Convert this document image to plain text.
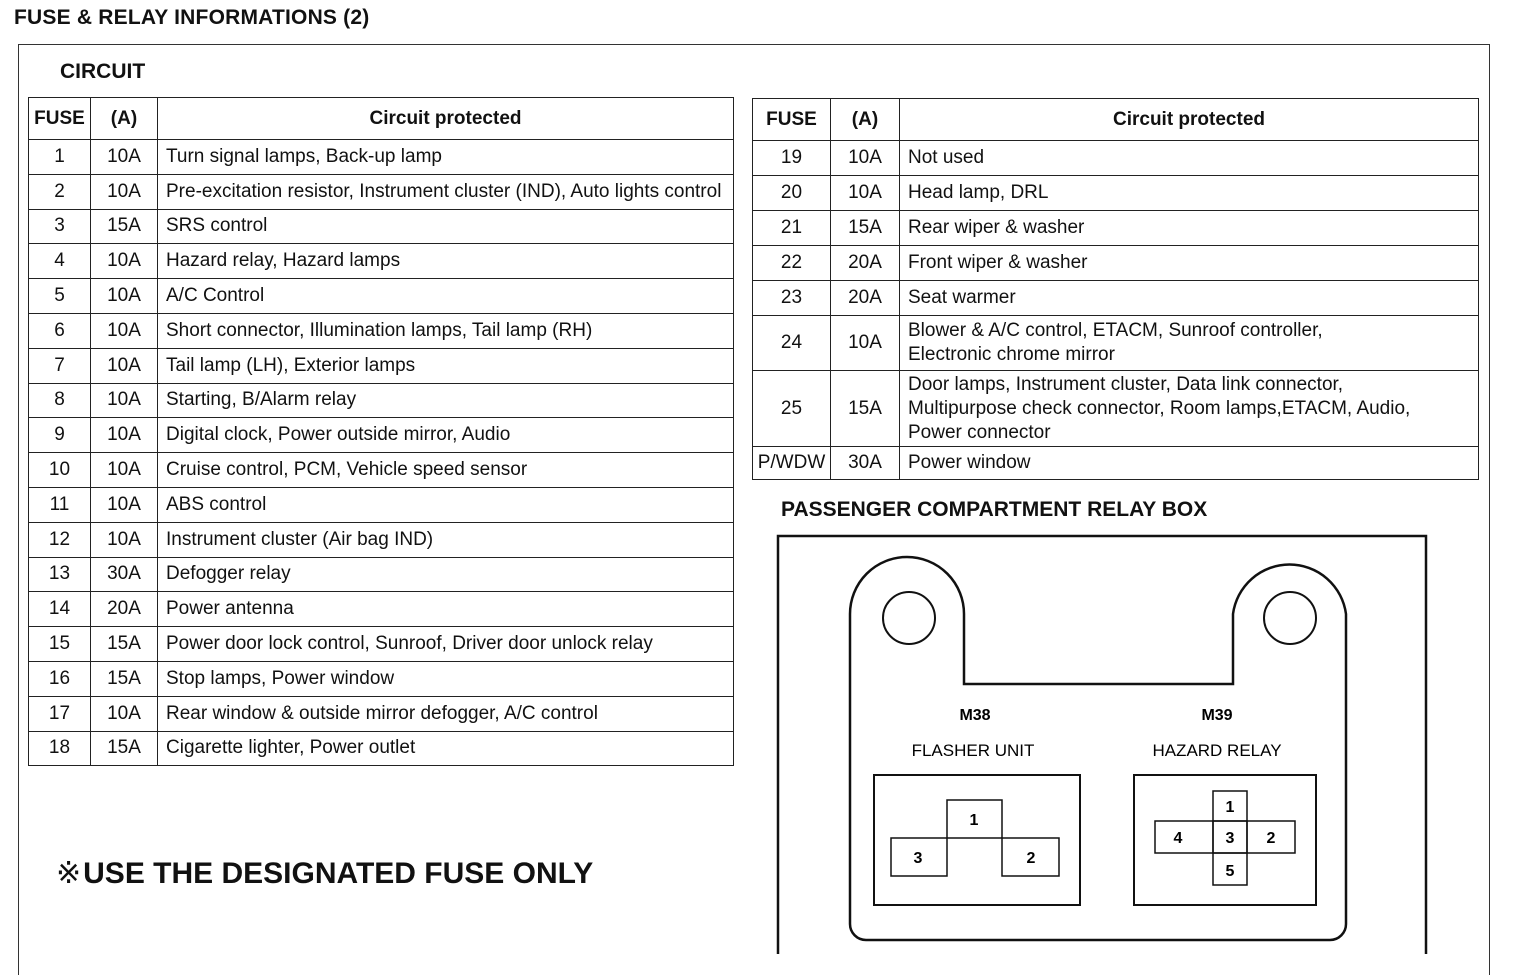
FUSE & RELAY INFORMATIONS (2)
CIRCUIT
FUSE	(A)	Circuit protected
1	10A	Turn signal lamps, Back-up lamp
2	10A	Pre-excitation resistor, Instrument cluster (IND), Auto lights control
3	15A	SRS control
4	10A	Hazard relay, Hazard lamps
5	10A	A/C Control
6	10A	Short connector, Illumination lamps, Tail lamp (RH)
7	10A	Tail lamp (LH), Exterior lamps
8	10A	Starting, B/Alarm relay
9	10A	Digital clock, Power outside mirror, Audio
10	10A	Cruise control, PCM, Vehicle speed sensor
11	10A	ABS control
12	10A	Instrument cluster (Air bag IND)
13	30A	Defogger relay
14	20A	Power antenna
15	15A	Power door lock control, Sunroof, Driver door unlock relay
16	15A	Stop lamps, Power window
17	10A	Rear window & outside mirror defogger, A/C control
18	15A	Cigarette lighter, Power outlet
FUSE	(A)	Circuit protected
19	10A	Not used

20	10A	Head lamp, DRL

21	15A	Rear wiper & washer

22	20A	Front wiper & washer

23	20A	Seat warmer

24	10A	Blower & A/C control, ETACM, Sunroof controller,
Electronic chrome mirror

25	15A	Door lamps, Instrument cluster, Data link connector,
Multipurpose check connector, Room lamps,ETACM, Audio,
Power connector

P/WDW	30A	Power window
PASSENGER COMPARTMENT RELAY BOX
M38
FLASHER UNIT
1
3	2
M39
HAZARD RELAY
1
4	3 2
5
※USE THE DESIGNATED FUSE ONLY
